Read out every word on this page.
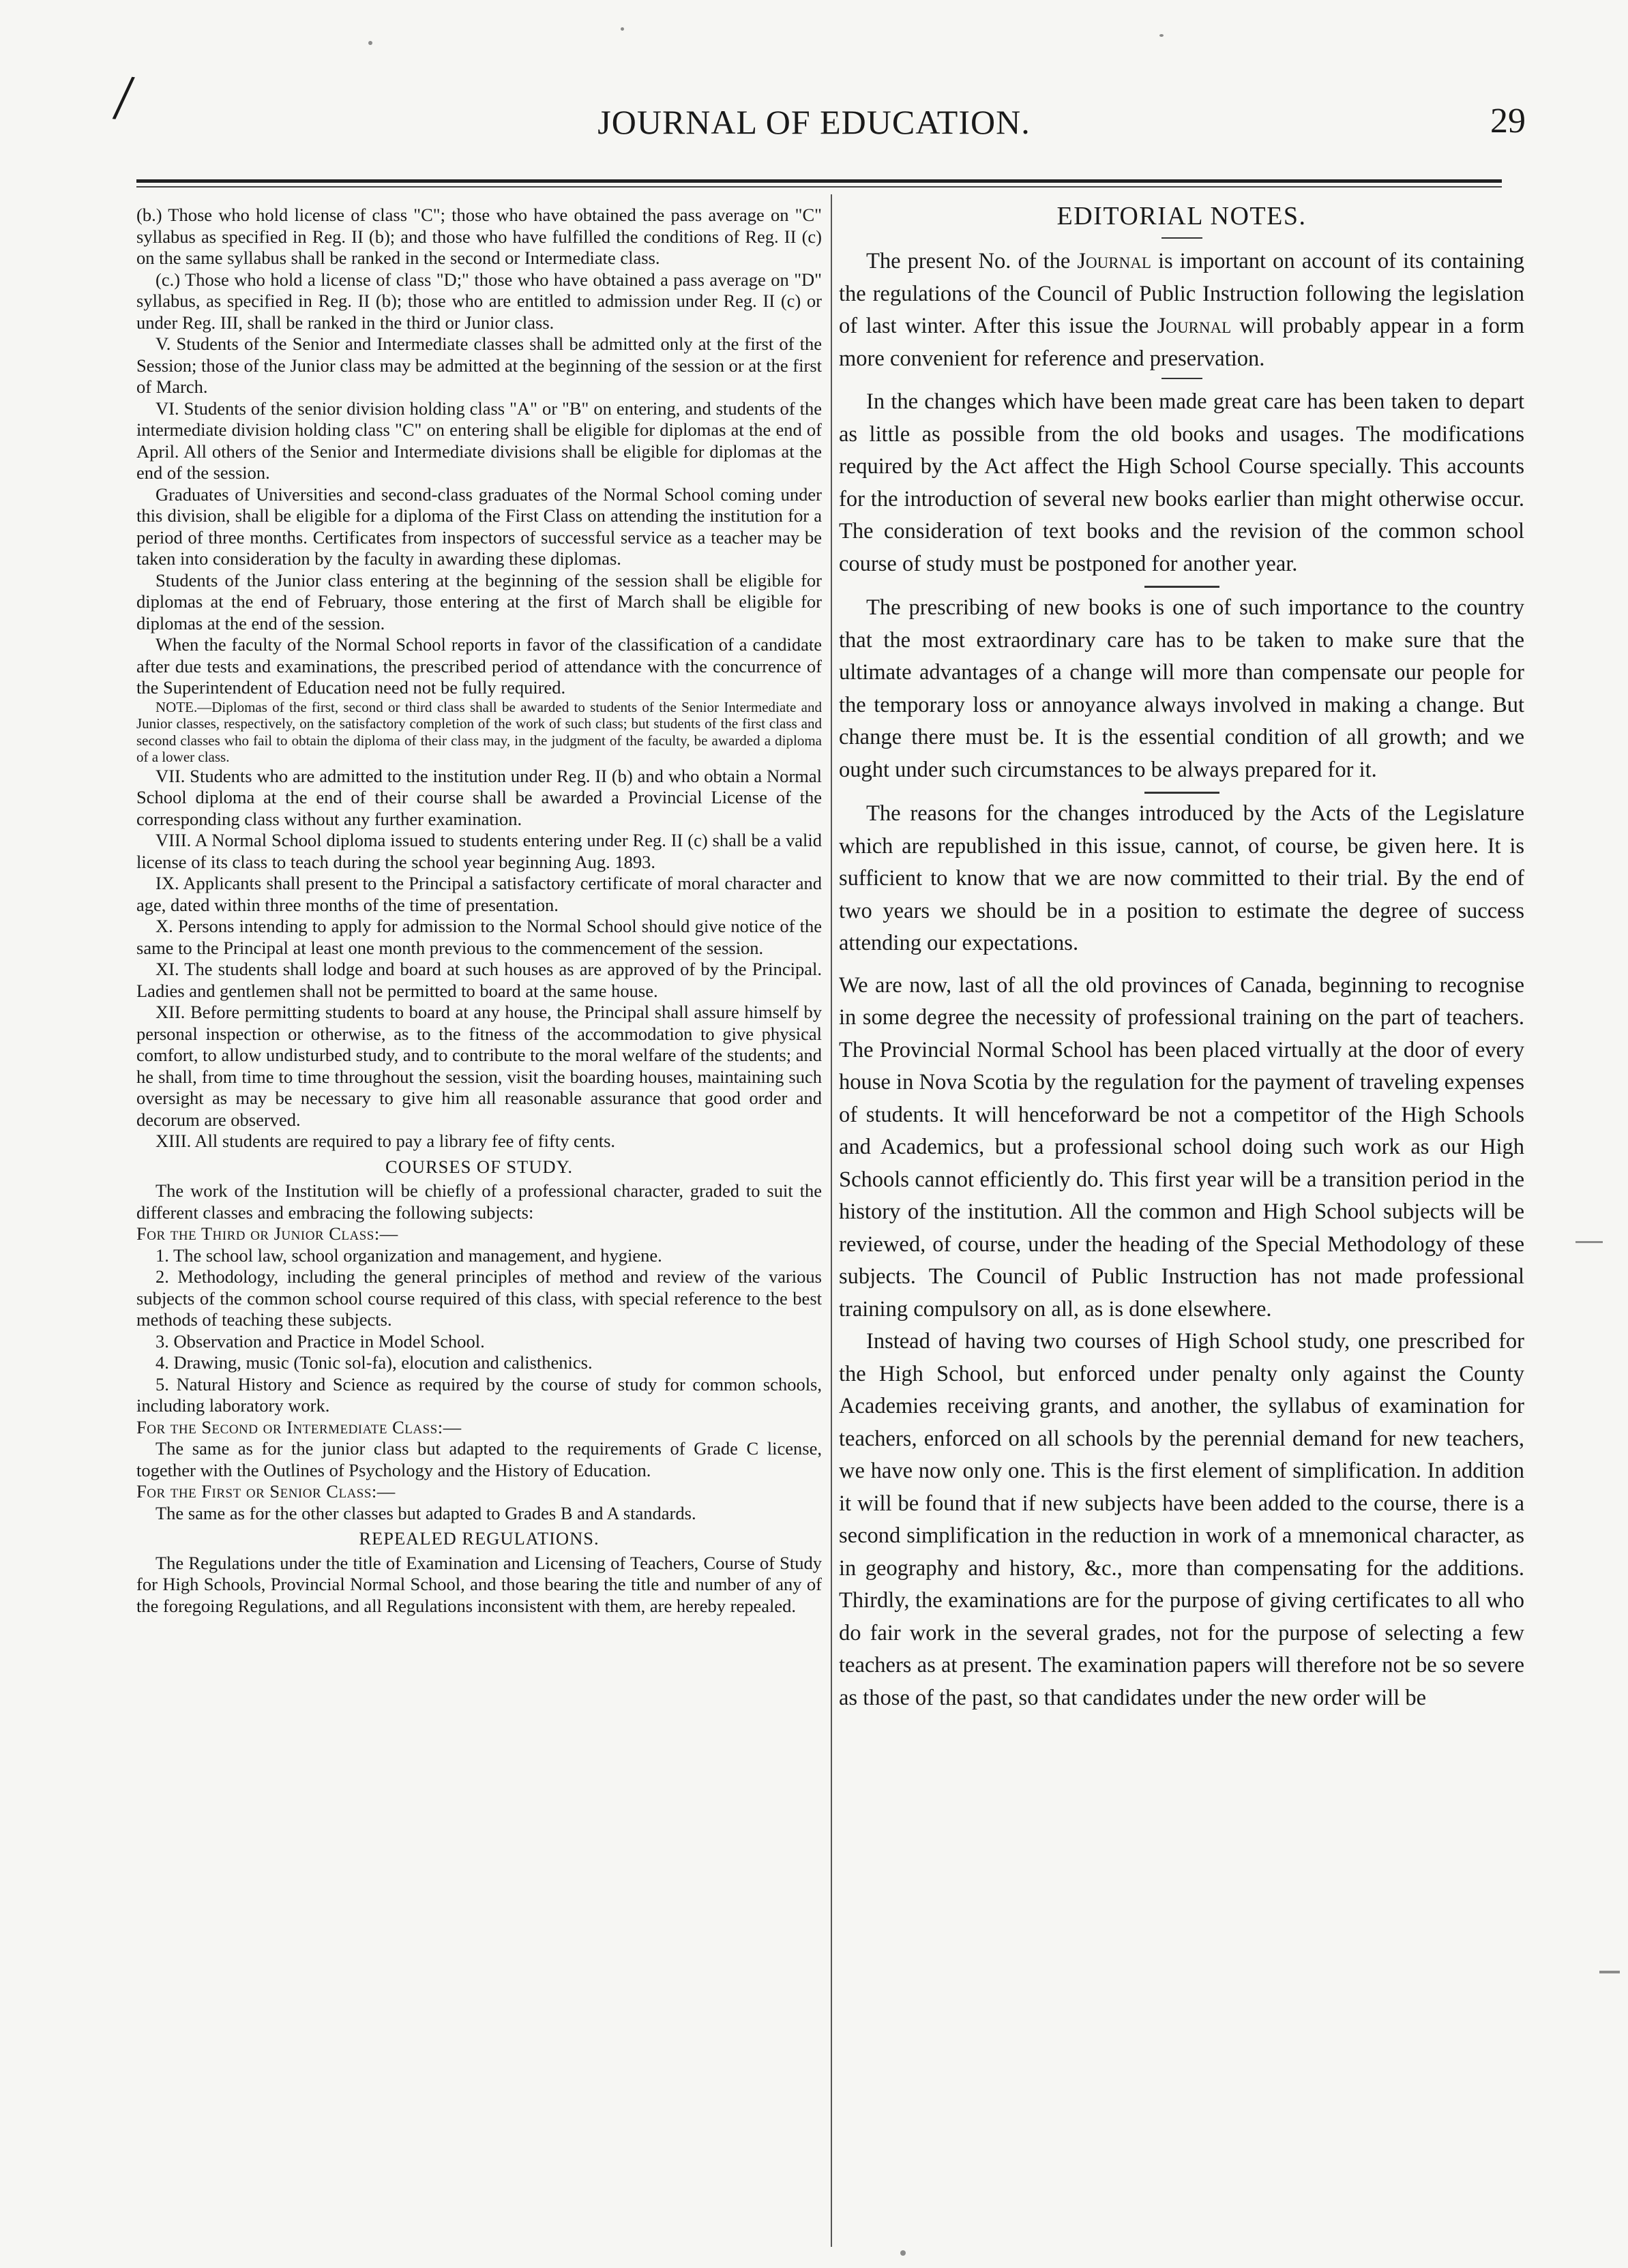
/	JOURNAL OF EDUCATION.	29

(b.) Those who hold license of class "C"; those who have obtained the pass average on "C" syllabus as specified in Reg. II (b); and those who have fulfilled the conditions of Reg. II (c) on the same syllabus shall be ranked in the second or Intermediate class.

(c.) Those who hold a license of class "D;" those who have obtained a pass average on "D" syllabus, as specified in Reg. II (b); those who are entitled to admission under Reg. II (c) or under Reg. III, shall be ranked in the third or Junior class.

V. Students of the Senior and Intermediate classes shall be admitted only at the first of the Session; those of the Junior class may be admitted at the beginning of the session or at the first of March.

VI. Students of the senior division holding class "A" or "B" on entering, and students of the intermediate division holding class "C" on entering shall be eligible for diplomas at the end of April. All others of the Senior and Intermediate divisions shall be eligible for diplomas at the end of the session.

Graduates of Universities and second-class graduates of the Normal School coming under this division, shall be eligible for a diploma of the First Class on attending the institution for a period of three months. Certificates from inspectors of successful service as a teacher may be taken into consideration by the faculty in awarding these diplomas.

Students of the Junior class entering at the beginning of the session shall be eligible for diplomas at the end of February, those entering at the first of March shall be eligible for diplomas at the end of the session.

When the faculty of the Normal School reports in favor of the classification of a candidate after due tests and examinations, the prescribed period of attendance with the concurrence of the Superintendent of Education need not be fully required.

NOTE.—Diplomas of the first, second or third class shall be awarded to students of the Senior Intermediate and Junior classes, respectively, on the satisfactory completion of the work of such class; but students of the first class and second classes who fail to obtain the diploma of their class may, in the judgment of the faculty, be awarded a diploma of a lower class.

VII. Students who are admitted to the institution under Reg. II (b) and who obtain a Normal School diploma at the end of their course shall be awarded a Provincial License of the corresponding class without any further examination.

VIII. A Normal School diploma issued to students entering under Reg. II (c) shall be a valid license of its class to teach during the school year beginning Aug. 1893.

IX. Applicants shall present to the Principal a satisfactory certificate of moral character and age, dated within three months of the time of presentation.

X. Persons intending to apply for admission to the Normal School should give notice of the same to the Principal at least one month previous to the commencement of the session.

XI. The students shall lodge and board at such houses as are approved of by the Principal. Ladies and gentlemen shall not be permitted to board at the same house.

XII. Before permitting students to board at any house, the Principal shall assure himself by personal inspection or otherwise, as to the fitness of the accommodation to give physical comfort, to allow undisturbed study, and to contribute to the moral welfare of the students; and he shall, from time to time throughout the session, visit the boarding houses, maintaining such oversight as may be necessary to give him all reasonable assurance that good order and decorum are observed.

XIII. All students are required to pay a library fee of fifty cents.

COURSES OF STUDY.

The work of the Institution will be chiefly of a professional character, graded to suit the different classes and embracing the following subjects:

For the Third or Junior Class:—

1. The school law, school organization and management, and hygiene.

2. Methodology, including the general principles of method and review of the various subjects of the common school course required of this class, with special reference to the best methods of teaching these subjects.

3. Observation and Practice in Model School.

4. Drawing, music (Tonic sol-fa), elocution and calisthenics.

5. Natural History and Science as required by the course of study for common schools, including laboratory work.

For the Second or Intermediate Class:—

The same as for the junior class but adapted to the requirements of Grade C license, together with the Outlines of Psychology and the History of Education.

For the First or Senior Class:—

The same as for the other classes but adapted to Grades B and A standards.

REPEALED REGULATIONS.

The Regulations under the title of Examination and Licensing of Teachers, Course of Study for High Schools, Provincial Normal School, and those bearing the title and number of any of the foregoing Regulations, and all Regulations inconsistent with them, are hereby repealed.

EDITORIAL NOTES.

The present No. of the Journal is important on account of its containing the regulations of the Council of Public Instruction following the legislation of last winter. After this issue the Journal will probably appear in a form more convenient for reference and preservation.

In the changes which have been made great care has been taken to depart as little as possible from the old books and usages. The modifications required by the Act affect the High School Course specially. This accounts for the introduction of several new books earlier than might otherwise occur. The consideration of text books and the revision of the common school course of study must be postponed for another year.

The prescribing of new books is one of such importance to the country that the most extraordinary care has to be taken to make sure that the ultimate advantages of a change will more than compensate our people for the temporary loss or annoyance always involved in making a change. But change there must be. It is the essential condition of all growth; and we ought under such circumstances to be always prepared for it.

The reasons for the changes introduced by the Acts of the Legislature which are republished in this issue, cannot, of course, be given here. It is sufficient to know that we are now committed to their trial. By the end of two years we should be in a position to estimate the degree of success attending our expectations.

We are now, last of all the old provinces of Canada, beginning to recognise in some degree the necessity of professional training on the part of teachers. The Provincial Normal School has been placed virtually at the door of every house in Nova Scotia by the regulation for the payment of traveling expenses of students. It will henceforward be not a competitor of the High Schools and Academics, but a professional school doing such work as our High Schools cannot efficiently do. This first year will be a transition period in the history of the institution. All the common and High School subjects will be reviewed, of course, under the heading of the Special Methodology of these subjects. The Council of Public Instruction has not made professional training compulsory on all, as is done elsewhere.

Instead of having two courses of High School study, one prescribed for the High School, but enforced under penalty only against the County Academies receiving grants, and another, the syllabus of examination for teachers, enforced on all schools by the perennial demand for new teachers, we have now only one. This is the first element of simplification. In addition it will be found that if new subjects have been added to the course, there is a second simplification in the reduction in work of a mnemonical character, as in geography and history, &c., more than compensating for the additions. Thirdly, the examinations are for the purpose of giving certificates to all who do fair work in the several grades, not for the purpose of selecting a few teachers as at present. The examination papers will therefore not be so severe as those of the past, so that candidates under the new order will be
